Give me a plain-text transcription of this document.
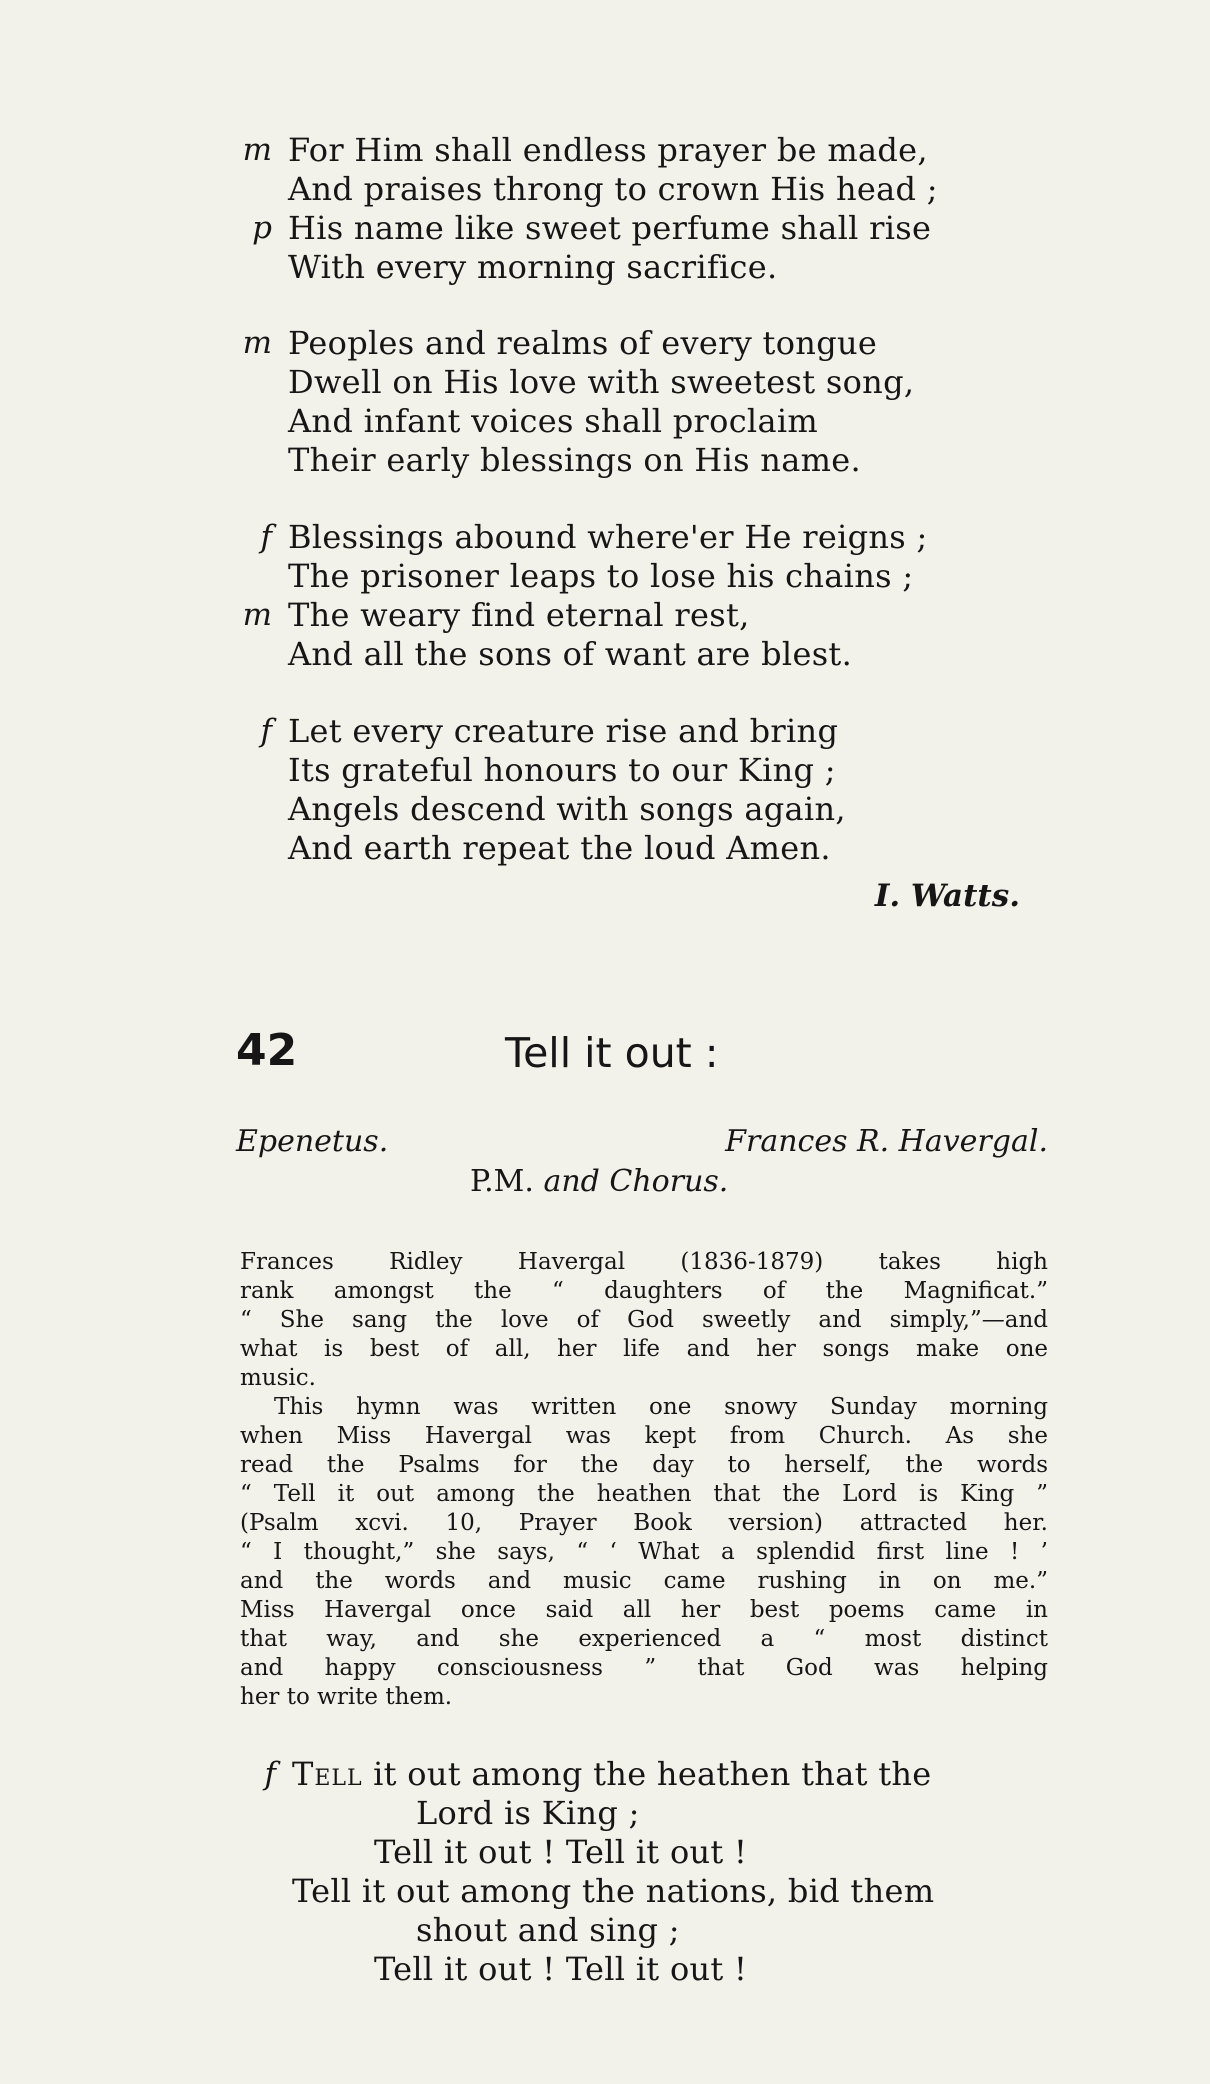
m For Him shall endless prayer be made,
And praises throng to crown His head ;
p His name like sweet perfume shall rise
With every morning sacrifice.
m Peoples and realms of every tongue
Dwell on His love with sweetest song,
And infant voices shall proclaim
Their early blessings on His name.
f Blessings abound where'er He reigns ;
The prisoner leaps to lose his chains ;
m The weary find eternal rest,
And all the sons of want are blest.
f Let every creature rise and bring
Its grateful honours to our King ;
Angels descend with songs again,
And earth repeat the loud Amen.
I. Watts.
42	Tell it out :
Epenetus.	Frances R. Havergal.
P.M. and Chorus.
Frances Ridley Havergal (1836-1879) takes high
rank amongst the “ daughters of the Magnificat.”
“ She sang the love of God sweetly and simply,”—and
what is best of all, her life and her songs make one
music.
This hymn was written one snowy Sunday morning
when Miss Havergal was kept from Church. As she
read the Psalms for the day to herself, the words
“ Tell it out among the heathen that the Lord is King ”
(Psalm xcvi. 10, Prayer Book version) attracted her.
“ I thought,” she says, “ ‘ What a splendid first line ! ’
and the words and music came rushing in on me.”
Miss Havergal once said all her best poems came in
that way, and she experienced a “ most distinct
and happy consciousness ” that God was helping
her to write them.
f Tell it out among the heathen that the
Lord is King ;
Tell it out ! Tell it out !
Tell it out among the nations, bid them
shout and sing ;
Tell it out ! Tell it out !
